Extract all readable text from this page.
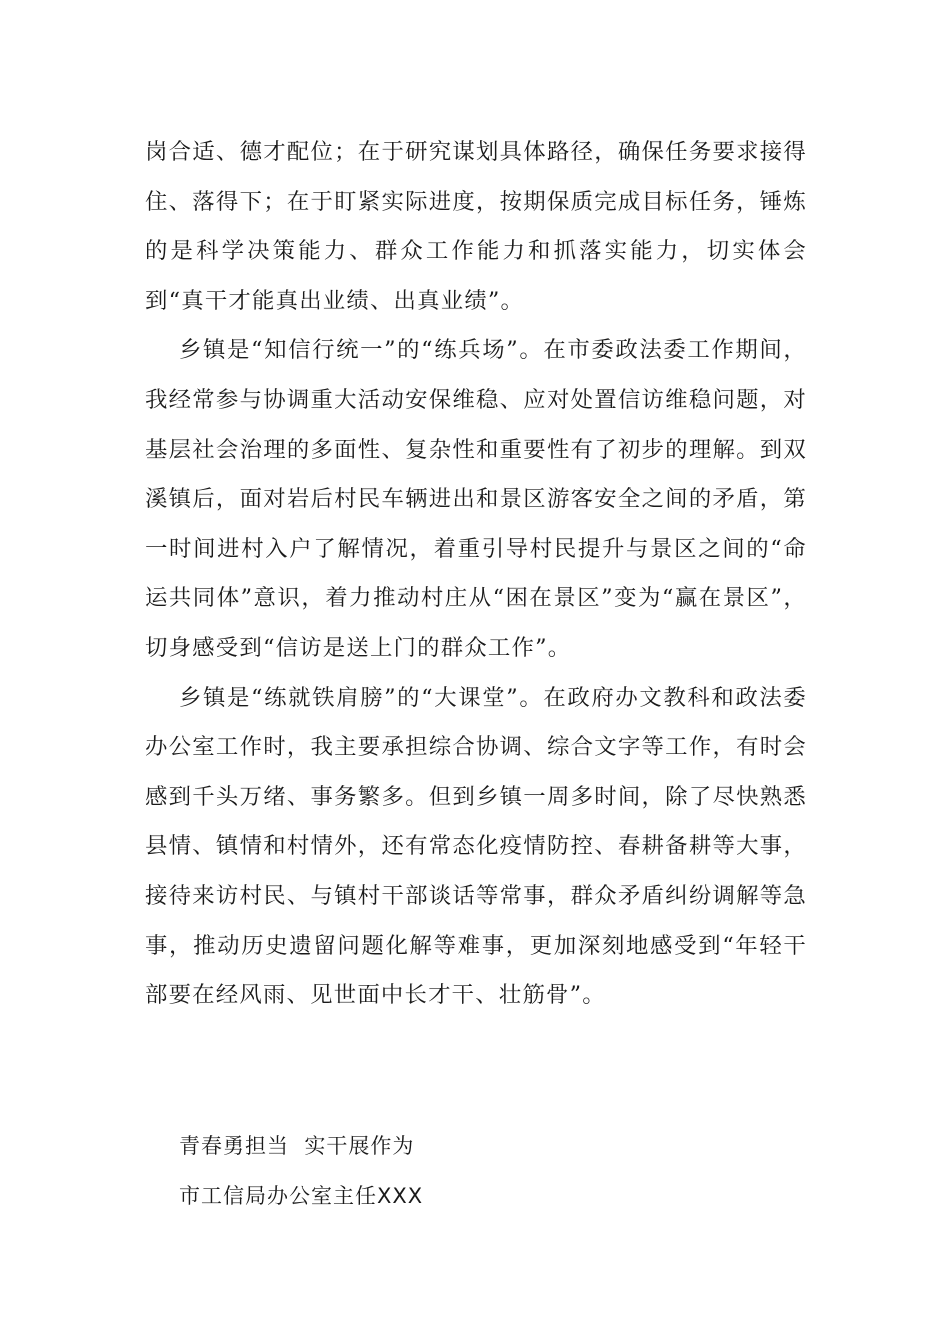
岗合适、德才配位；在于研究谋划具体路径，确保任务要求接得住、落得下；在于盯紧实际进度，按期保质完成目标任务，锤炼的是科学决策能力、群众工作能力和抓落实能力，切实体会到“真干才能真出业绩、出真业绩”。

乡镇是“知信行统一”的“练兵场”。在市委政法委工作期间，我经常参与协调重大活动安保维稳、应对处置信访维稳问题，对基层社会治理的多面性、复杂性和重要性有了初步的理解。到双溪镇后，面对岩后村民车辆进出和景区游客安全之间的矛盾，第一时间进村入户了解情况，着重引导村民提升与景区之间的“命运共同体”意识，着力推动村庄从“困在景区”变为“赢在景区”，切身感受到“信访是送上门的群众工作”。

乡镇是“练就铁肩膀”的“大课堂”。在政府办文教科和政法委办公室工作时，我主要承担综合协调、综合文字等工作，有时会感到千头万绪、事务繁多。但到乡镇一周多时间，除了尽快熟悉县情、镇情和村情外，还有常态化疫情防控、春耕备耕等大事，接待来访村民、与镇村干部谈话等常事，群众矛盾纠纷调解等急事，推动历史遗留问题化解等难事，更加深刻地感受到“年轻干部要在经风雨、见世面中长才干、壮筋骨”。

青春勇担当  实干展作为

市工信局办公室主任XXX
